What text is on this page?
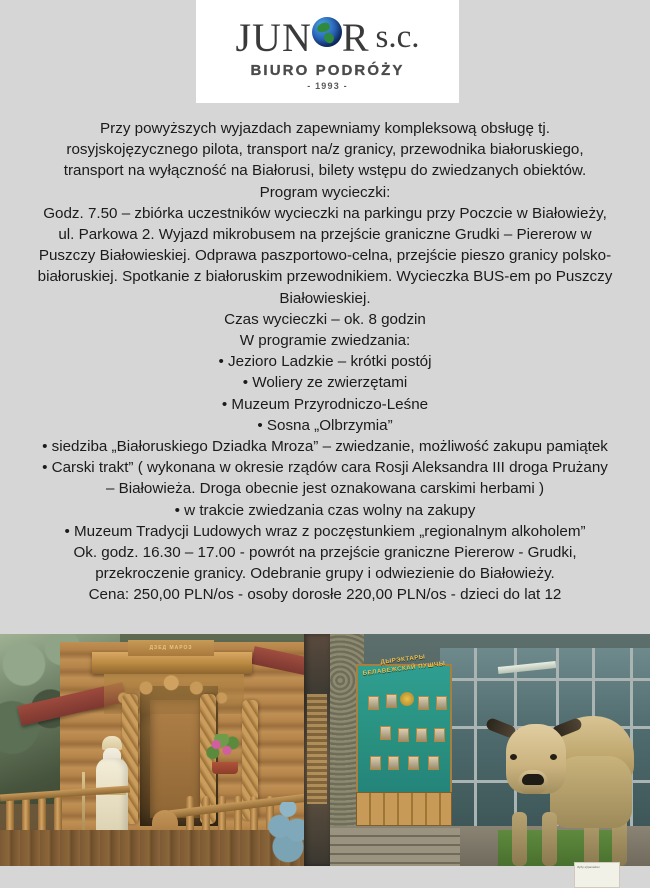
JUN R s.c.
BIURO PODRÓŻY
- 1993 -

Przy powyższych wyjazdach zapewniamy kompleksową obsługę tj.
rosyjskojęzycznego pilota, transport na/z granicy, przewodnika białoruskiego,
transport na wyłączność na Białorusi, bilety wstępu do zwiedzanych obiektów.
Program wycieczki:

Godz. 7.50 – zbiórka uczestników wycieczki na parkingu przy Poczcie w Białowieży,
ul. Parkowa 2. Wyjazd mikrobusem na przejście graniczne Grudki – Piererow w
Puszczy Białowieskiej. Odprawa paszportowo-celna, przejście pieszo granicy polsko-
białoruskiej. Spotkanie z białoruskim przewodnikiem. Wycieczka BUS-em po Puszczy
Białowieskiej.

Czas wycieczki – ok. 8 godzin
W programie zwiedzania:

• Jezioro Ladzkie – krótki postój
• Woliery ze zwierzętami
• Muzeum Przyrodniczo-Leśne
• Sosna „Olbrzymia”
• siedziba „Białoruskiego Dziadka Mroza” – zwiedzanie, możliwość zakupu pamiątek
• Carski trakt” ( wykonana w okresie rządów cara Rosji Aleksandra III droga Prużany
– Białowieża. Droga obecnie jest oznakowana carskimi herbami )
• w trakcie zwiedzania czas wolny na zakupy
• Muzeum Tradycji Ludowych wraz z poczęstunkiem „regionalnym alkoholem”

Ok. godz. 16.30 – 17.00 - powrót na przejście graniczne Piererow - Grudki,
przekroczenie granicy. Odebranie grupy i odwiezienie do Białowieży.
Cena: 250,00 PLN/os - osoby dorosłe 220,00 PLN/os - dzieci do lat 12

ДЗЕД МАРОЗ
ДЫРЭКТАРЫ БЕЛАВЕЖСКАЙ ПУШЧЫ
Зубр еўрапейскі
